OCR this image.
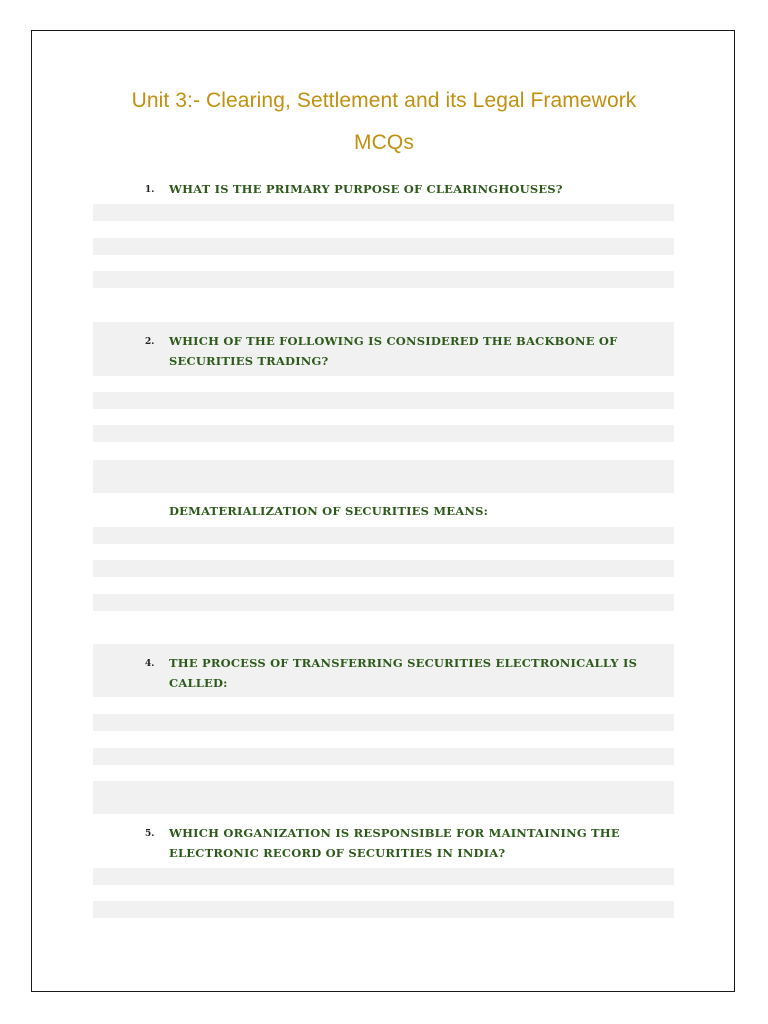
Unit 3:- Clearing, Settlement and its Legal Framework
MCQs
1. WHAT IS THE PRIMARY PURPOSE OF CLEARINGHOUSES?
2. WHICH OF THE FOLLOWING IS CONSIDERED THE BACKBONE OF SECURITIES TRADING?
DEMATERIALIZATION OF SECURITIES MEANS:
4. THE PROCESS OF TRANSFERRING SECURITIES ELECTRONICALLY IS CALLED:
5. WHICH ORGANIZATION IS RESPONSIBLE FOR MAINTAINING THE ELECTRONIC RECORD OF SECURITIES IN INDIA?
